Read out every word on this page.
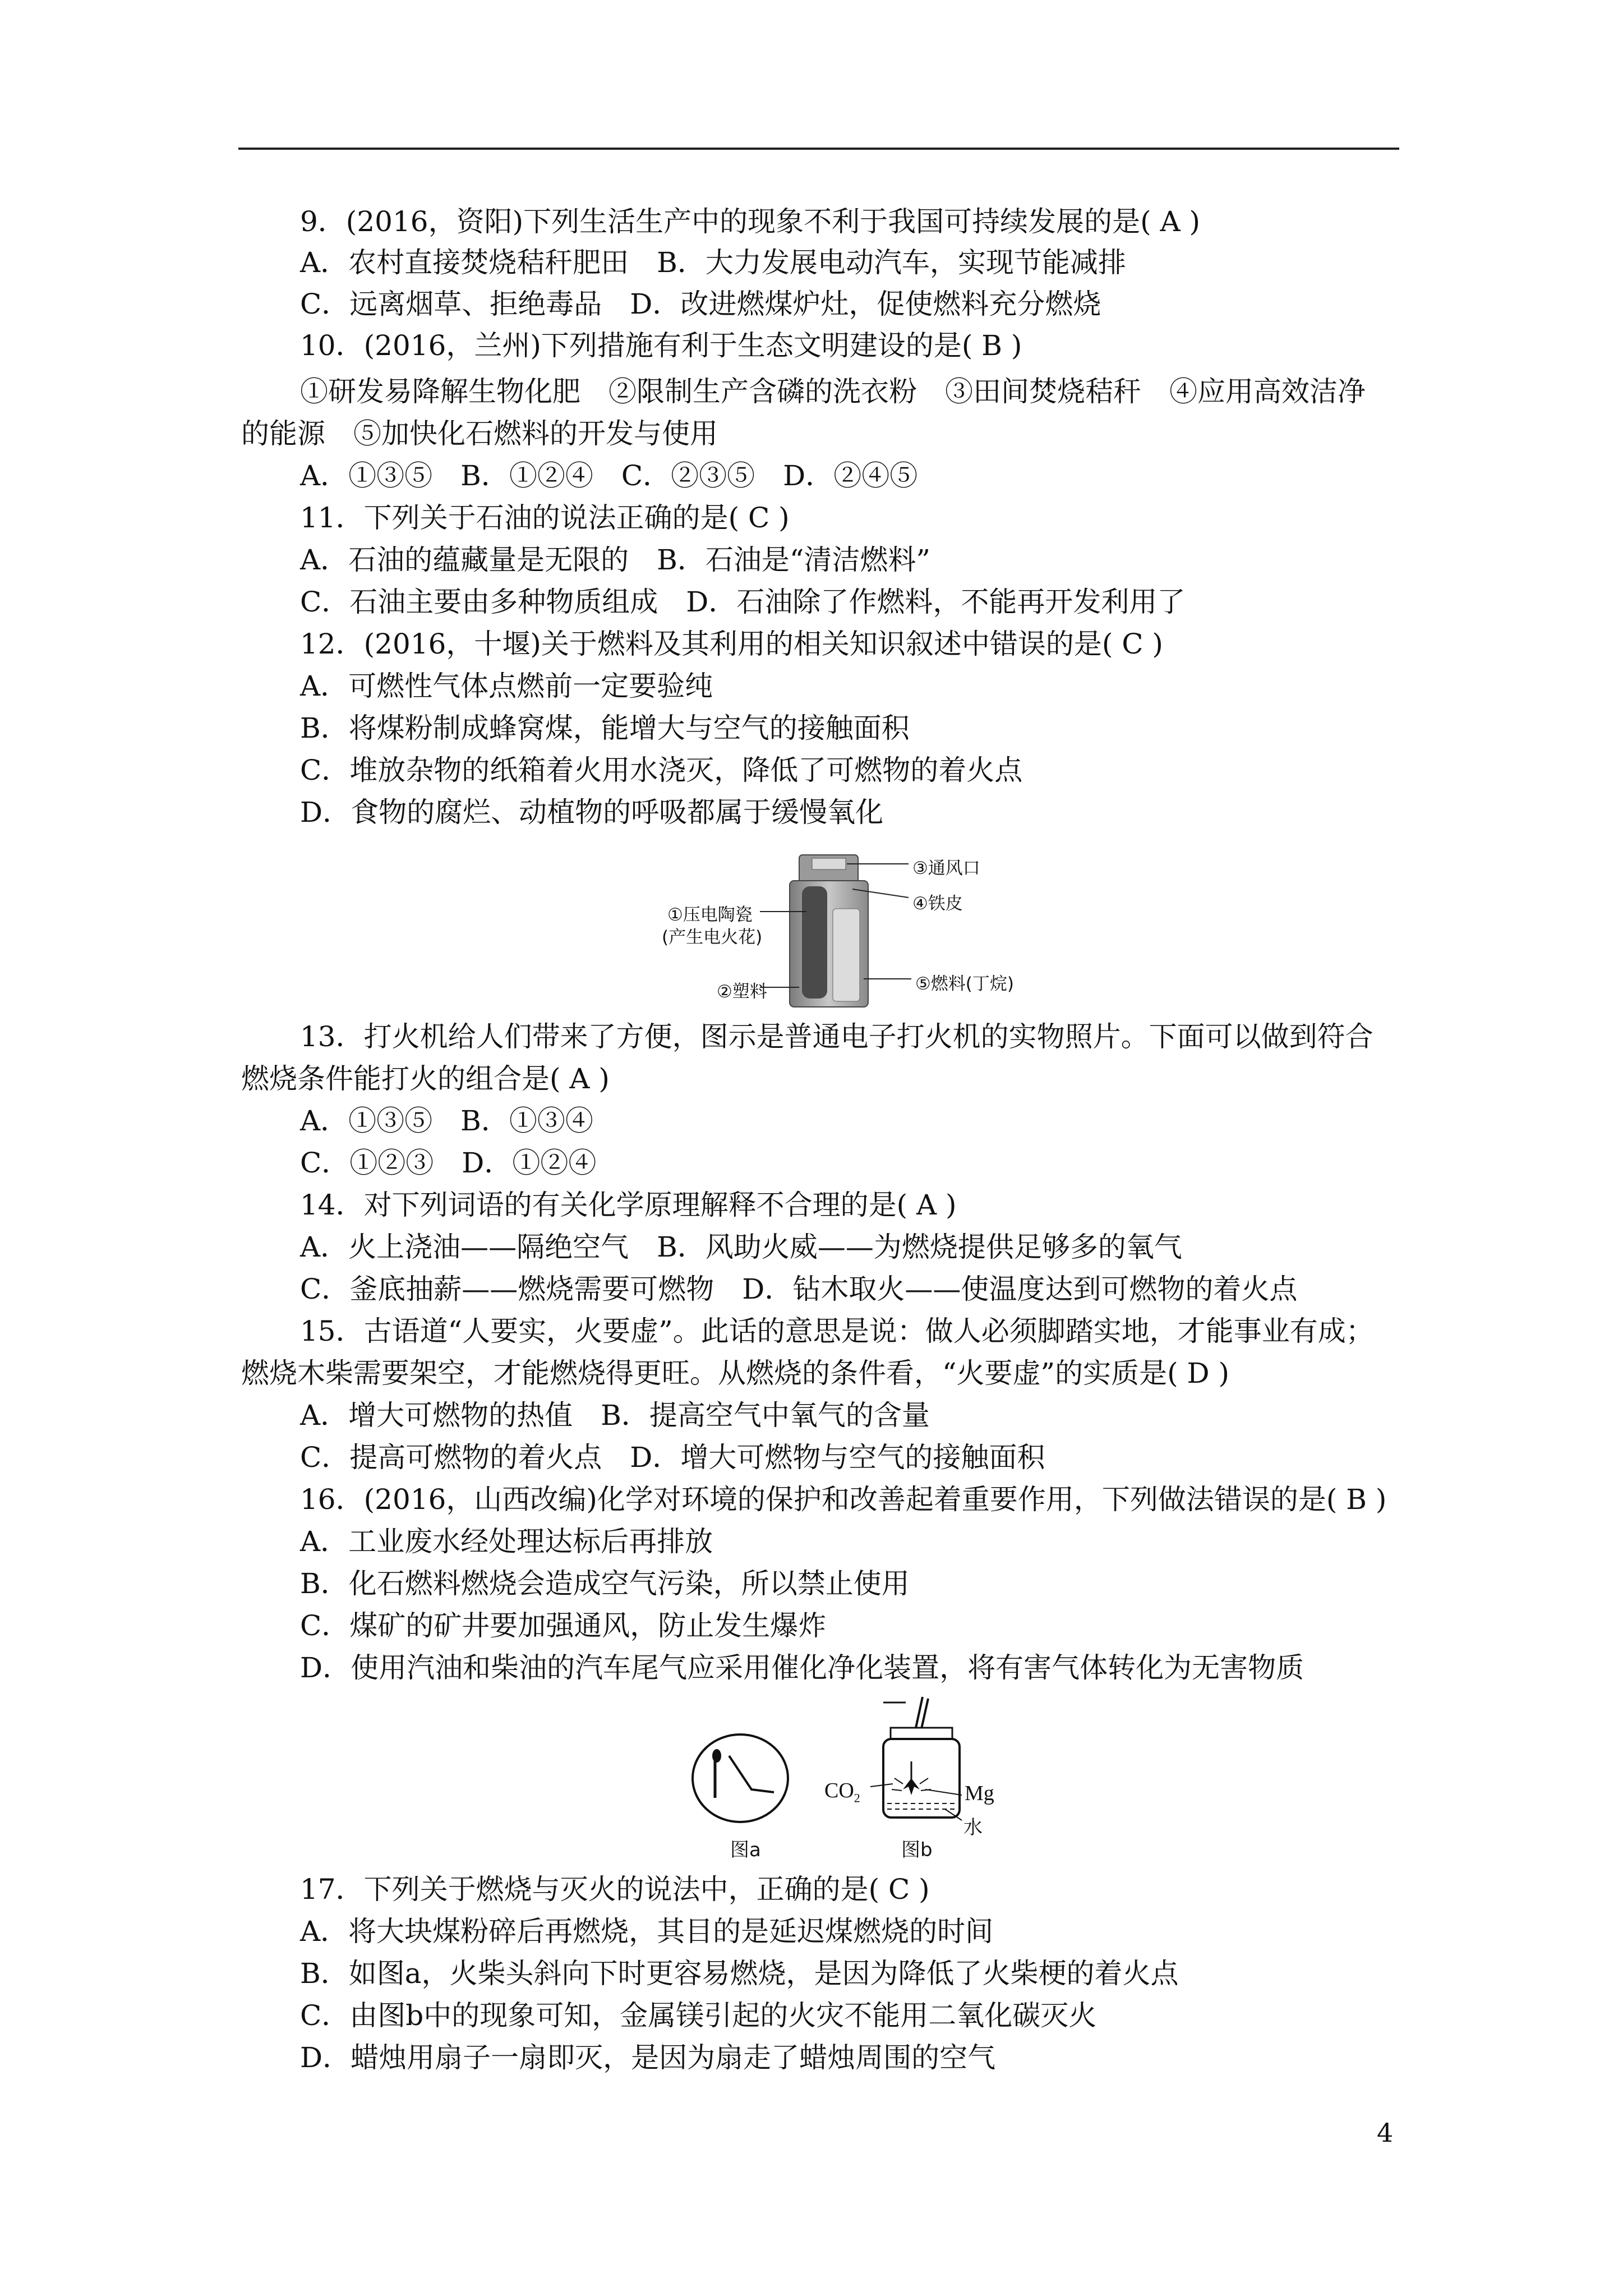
9．(2016，资阳)下列生活生产中的现象不利于我国可持续发展的是( A )
A．农村直接焚烧秸秆肥田　B．大力发展电动汽车，实现节能减排
C．远离烟草、拒绝毒品　D．改进燃煤炉灶，促使燃料充分燃烧
10．(2016，兰州)下列措施有利于生态文明建设的是( B )
①研发易降解生物化肥　②限制生产含磷的洗衣粉　③田间焚烧秸秆　④应用高效洁净
的能源　⑤加快化石燃料的开发与使用
A．①③⑤　B．①②④　C．②③⑤　D．②④⑤
11．下列关于石油的说法正确的是( C )
A．石油的蕴藏量是无限的　B．石油是“清洁燃料”
C．石油主要由多种物质组成　D．石油除了作燃料，不能再开发利用了
12．(2016，十堰)关于燃料及其利用的相关知识叙述中错误的是( C )
A．可燃性气体点燃前一定要验纯
B．将煤粉制成蜂窝煤，能增大与空气的接触面积
C．堆放杂物的纸箱着火用水浇灭，降低了可燃物的着火点
D．食物的腐烂、动植物的呼吸都属于缓慢氧化
①压电陶瓷
(产生电火花)
②塑料
③通风口
④铁皮
⑤燃料(丁烷)
13．打火机给人们带来了方便，图示是普通电子打火机的实物照片。下面可以做到符合
燃烧条件能打火的组合是( A )
A．①③⑤　B．①③④
C．①②③　D．①②④
14．对下列词语的有关化学原理解释不合理的是( A )
A．火上浇油——隔绝空气　B．风助火威——为燃烧提供足够多的氧气
C．釜底抽薪——燃烧需要可燃物　D．钻木取火——使温度达到可燃物的着火点
15．古语道“人要实，火要虚”。此话的意思是说：做人必须脚踏实地，才能事业有成；
燃烧木柴需要架空，才能燃烧得更旺。从燃烧的条件看，“火要虚”的实质是( D )
A．增大可燃物的热值　B．提高空气中氧气的含量
C．提高可燃物的着火点　D．增大可燃物与空气的接触面积
16．(2016，山西改编)化学对环境的保护和改善起着重要作用，下列做法错误的是( B )
A．工业废水经处理达标后再排放
B．化石燃料燃烧会造成空气污染，所以禁止使用
C．煤矿的矿井要加强通风，防止发生爆炸
D．使用汽油和柴油的汽车尾气应采用催化净化装置，将有害气体转化为无害物质
$CO_2$	Mg
水
图a	图b
17．下列关于燃烧与灭火的说法中，正确的是( C )
A．将大块煤粉碎后再燃烧，其目的是延迟煤燃烧的时间
B．如图a，火柴头斜向下时更容易燃烧，是因为降低了火柴梗的着火点
C．由图b中的现象可知，金属镁引起的火灾不能用二氧化碳灭火
D．蜡烛用扇子一扇即灭，是因为扇走了蜡烛周围的空气
4
